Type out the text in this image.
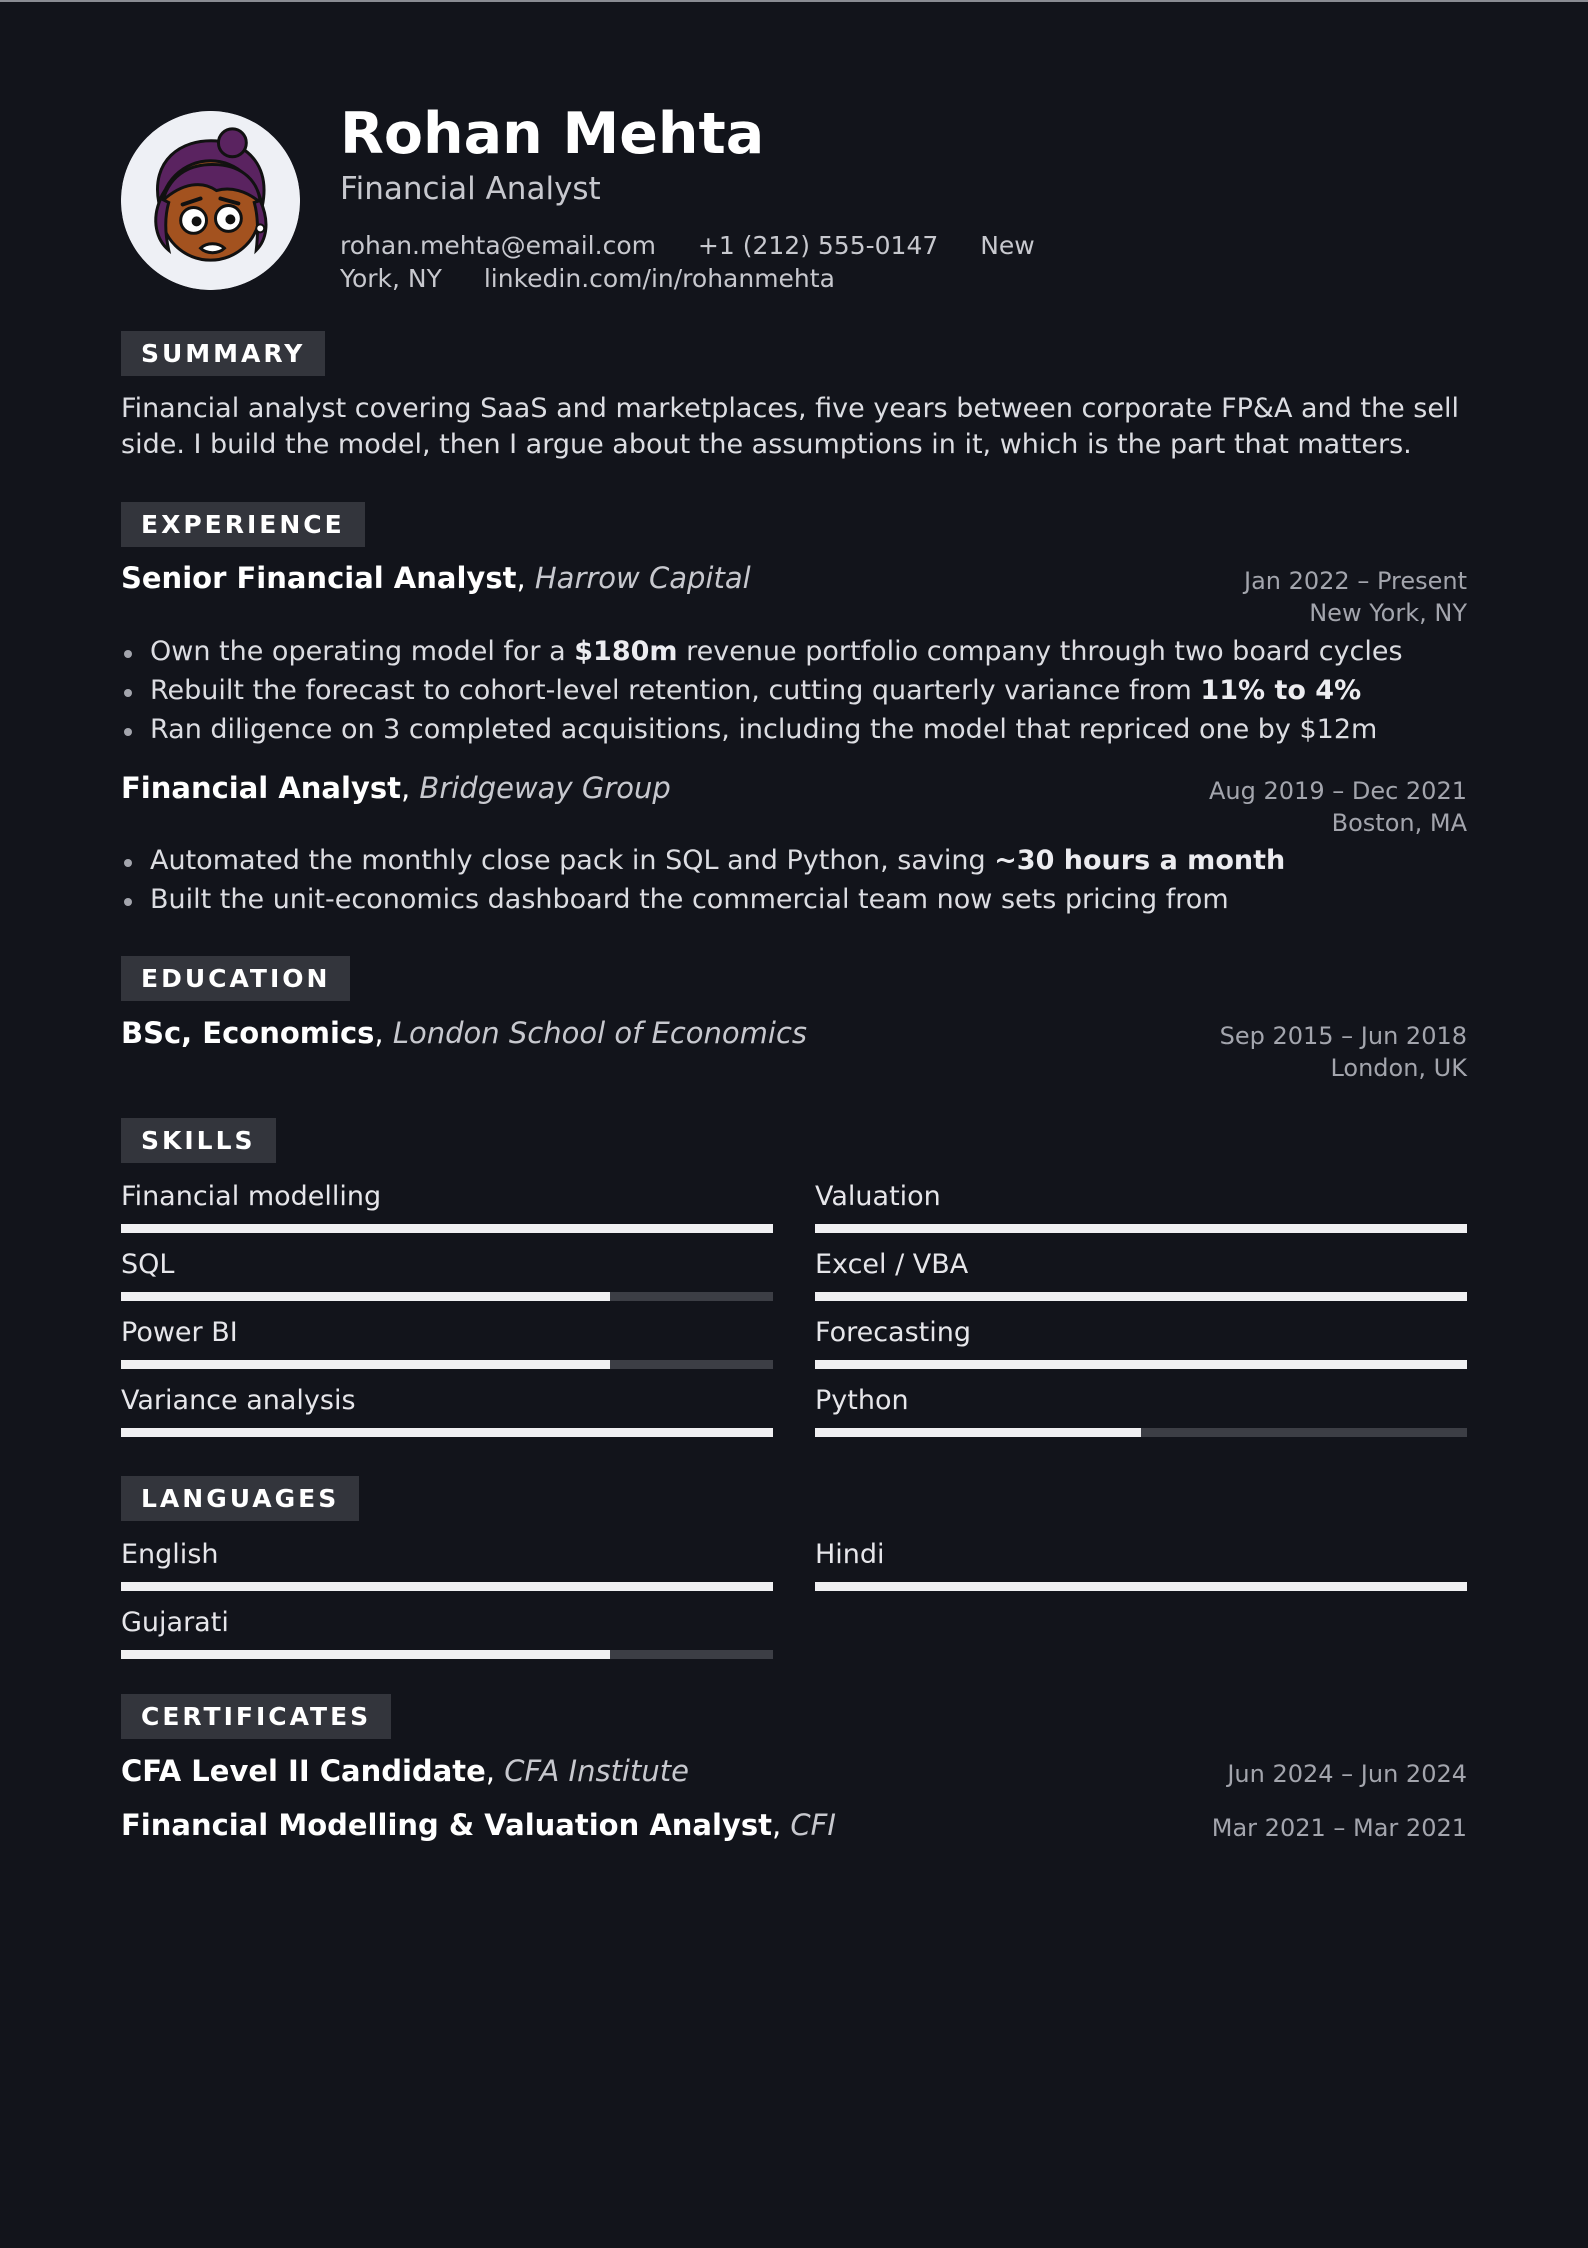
Rohan Mehta
Financial Analyst
rohan.mehta@email.com +1 (212) 555-0147 New York, NY linkedin.com/in/rohanmehta
SUMMARY
Financial analyst covering SaaS and marketplaces, five years between corporate FP&A and the sell side. I build the model, then I argue about the assumptions in it, which is the part that matters.
EXPERIENCE
Senior Financial Analyst, Harrow Capital	Jan 2022 – Present
New York, NY
Own the operating model for a $180m revenue portfolio company through two board cycles
Rebuilt the forecast to cohort-level retention, cutting quarterly variance from 11% to 4%
Ran diligence on 3 completed acquisitions, including the model that repriced one by $12m
Financial Analyst, Bridgeway Group	Aug 2019 – Dec 2021
Boston, MA
Automated the monthly close pack in SQL and Python, saving ~30 hours a month
Built the unit-economics dashboard the commercial team now sets pricing from
EDUCATION
BSc, Economics, London School of Economics	Sep 2015 – Jun 2018
London, UK
SKILLS
Financial modelling	Valuation
SQL	Excel / VBA
Power BI	Forecasting
Variance analysis	Python
LANGUAGES
English	Hindi
Gujarati
CERTIFICATES
CFA Level II Candidate, CFA Institute	Jun 2024 – Jun 2024
Financial Modelling & Valuation Analyst, CFI	Mar 2021 – Mar 2021
